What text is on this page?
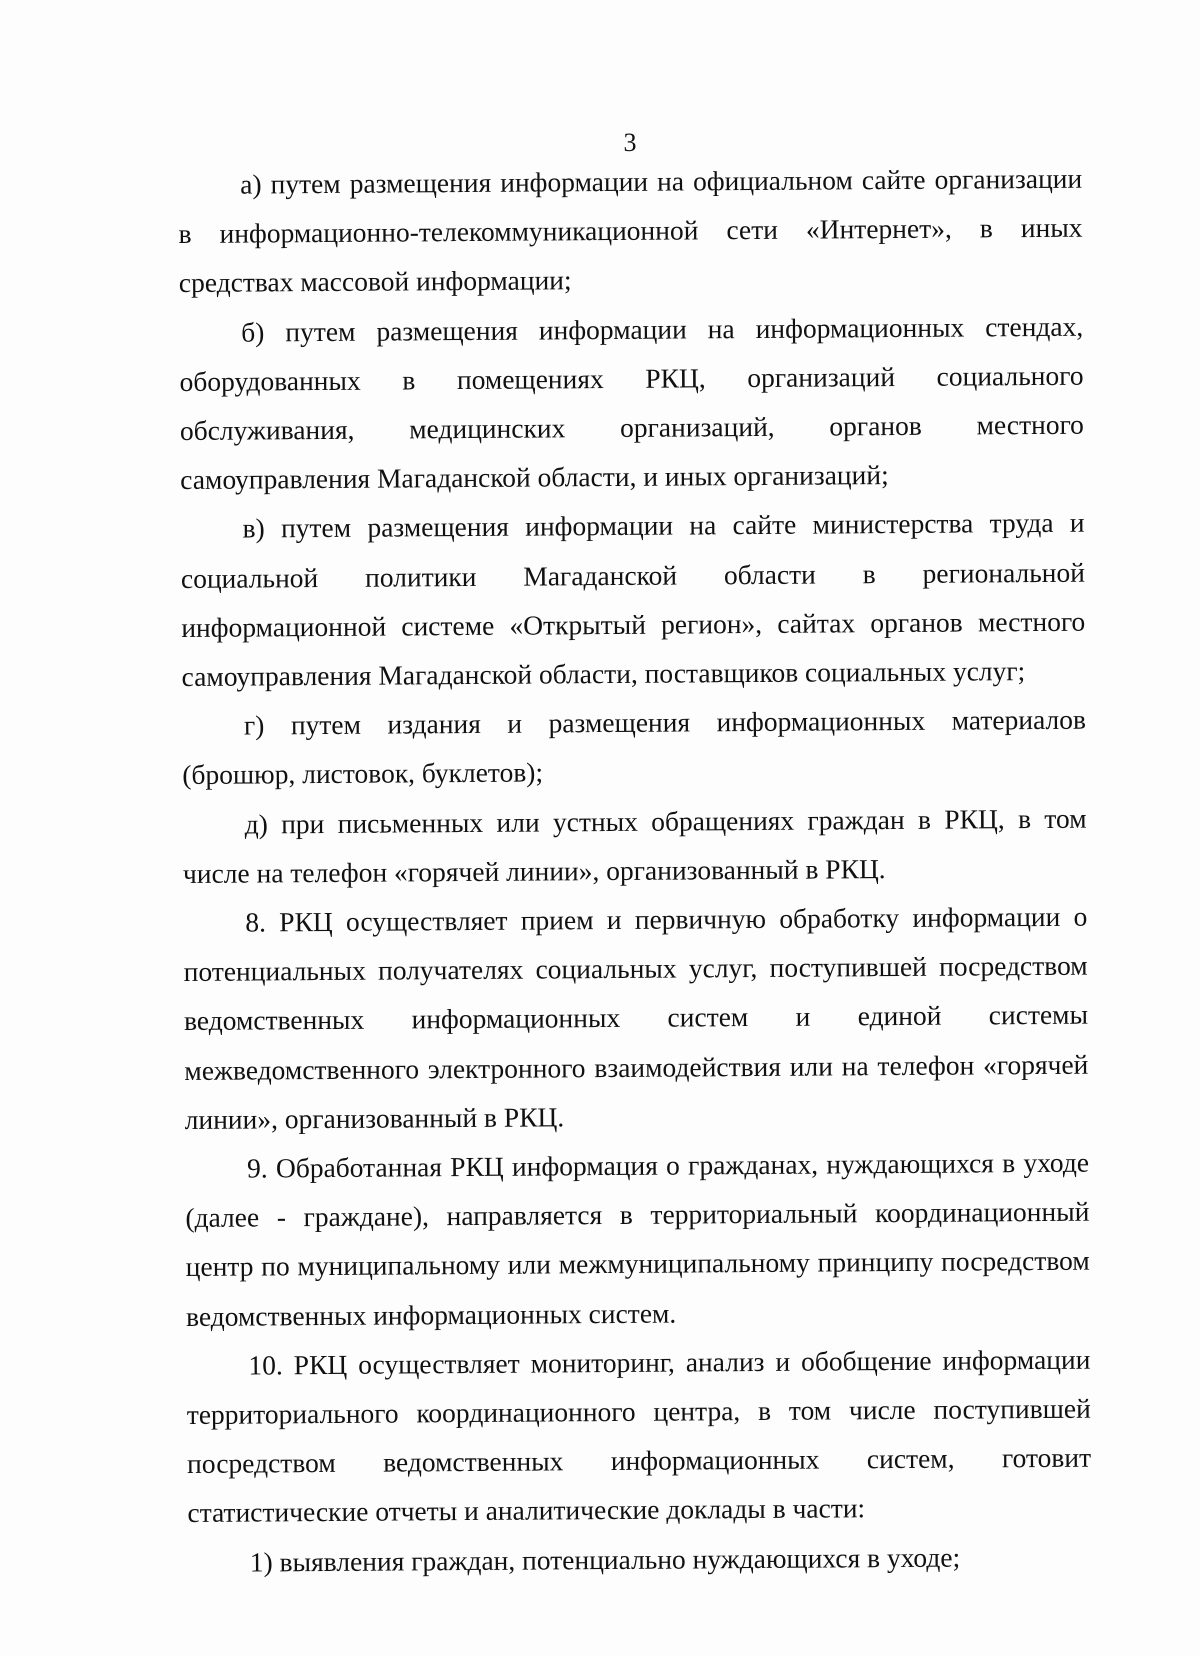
3

а) путем размещения информации на официальном сайте организации в информационно-телекоммуникационной сети «Интернет», в иных средствах массовой информации;

б) путем размещения информации на информационных стендах, оборудованных в помещениях РКЦ, организаций социального обслуживания, медицинских организаций, органов местного самоуправления Магаданской области, и иных организаций;

в) путем размещения информации на сайте министерства труда и социальной политики Магаданской области в региональной информационной системе «Открытый регион», сайтах органов местного самоуправления Магаданской области, поставщиков социальных услуг;

г) путем издания и размещения информационных материалов (брошюр, листовок, буклетов);

д) при письменных или устных обращениях граждан в РКЦ, в том числе на телефон «горячей линии», организованный в РКЦ.

8. РКЦ осуществляет прием и первичную обработку информации о потенциальных получателях социальных услуг, поступившей посредством ведомственных информационных систем и единой системы межведомственного электронного взаимодействия или на телефон «горячей линии», организованный в РКЦ.

9. Обработанная РКЦ информация о гражданах, нуждающихся в уходе (далее - граждане), направляется в территориальный координационный центр по муниципальному или межмуниципальному принципу посредством ведомственных информационных систем.

10. РКЦ осуществляет мониторинг, анализ и обобщение информации территориального координационного центра, в том числе поступившей посредством ведомственных информационных систем, готовит статистические отчеты и аналитические доклады в части:

1) выявления граждан, потенциально нуждающихся в уходе;
